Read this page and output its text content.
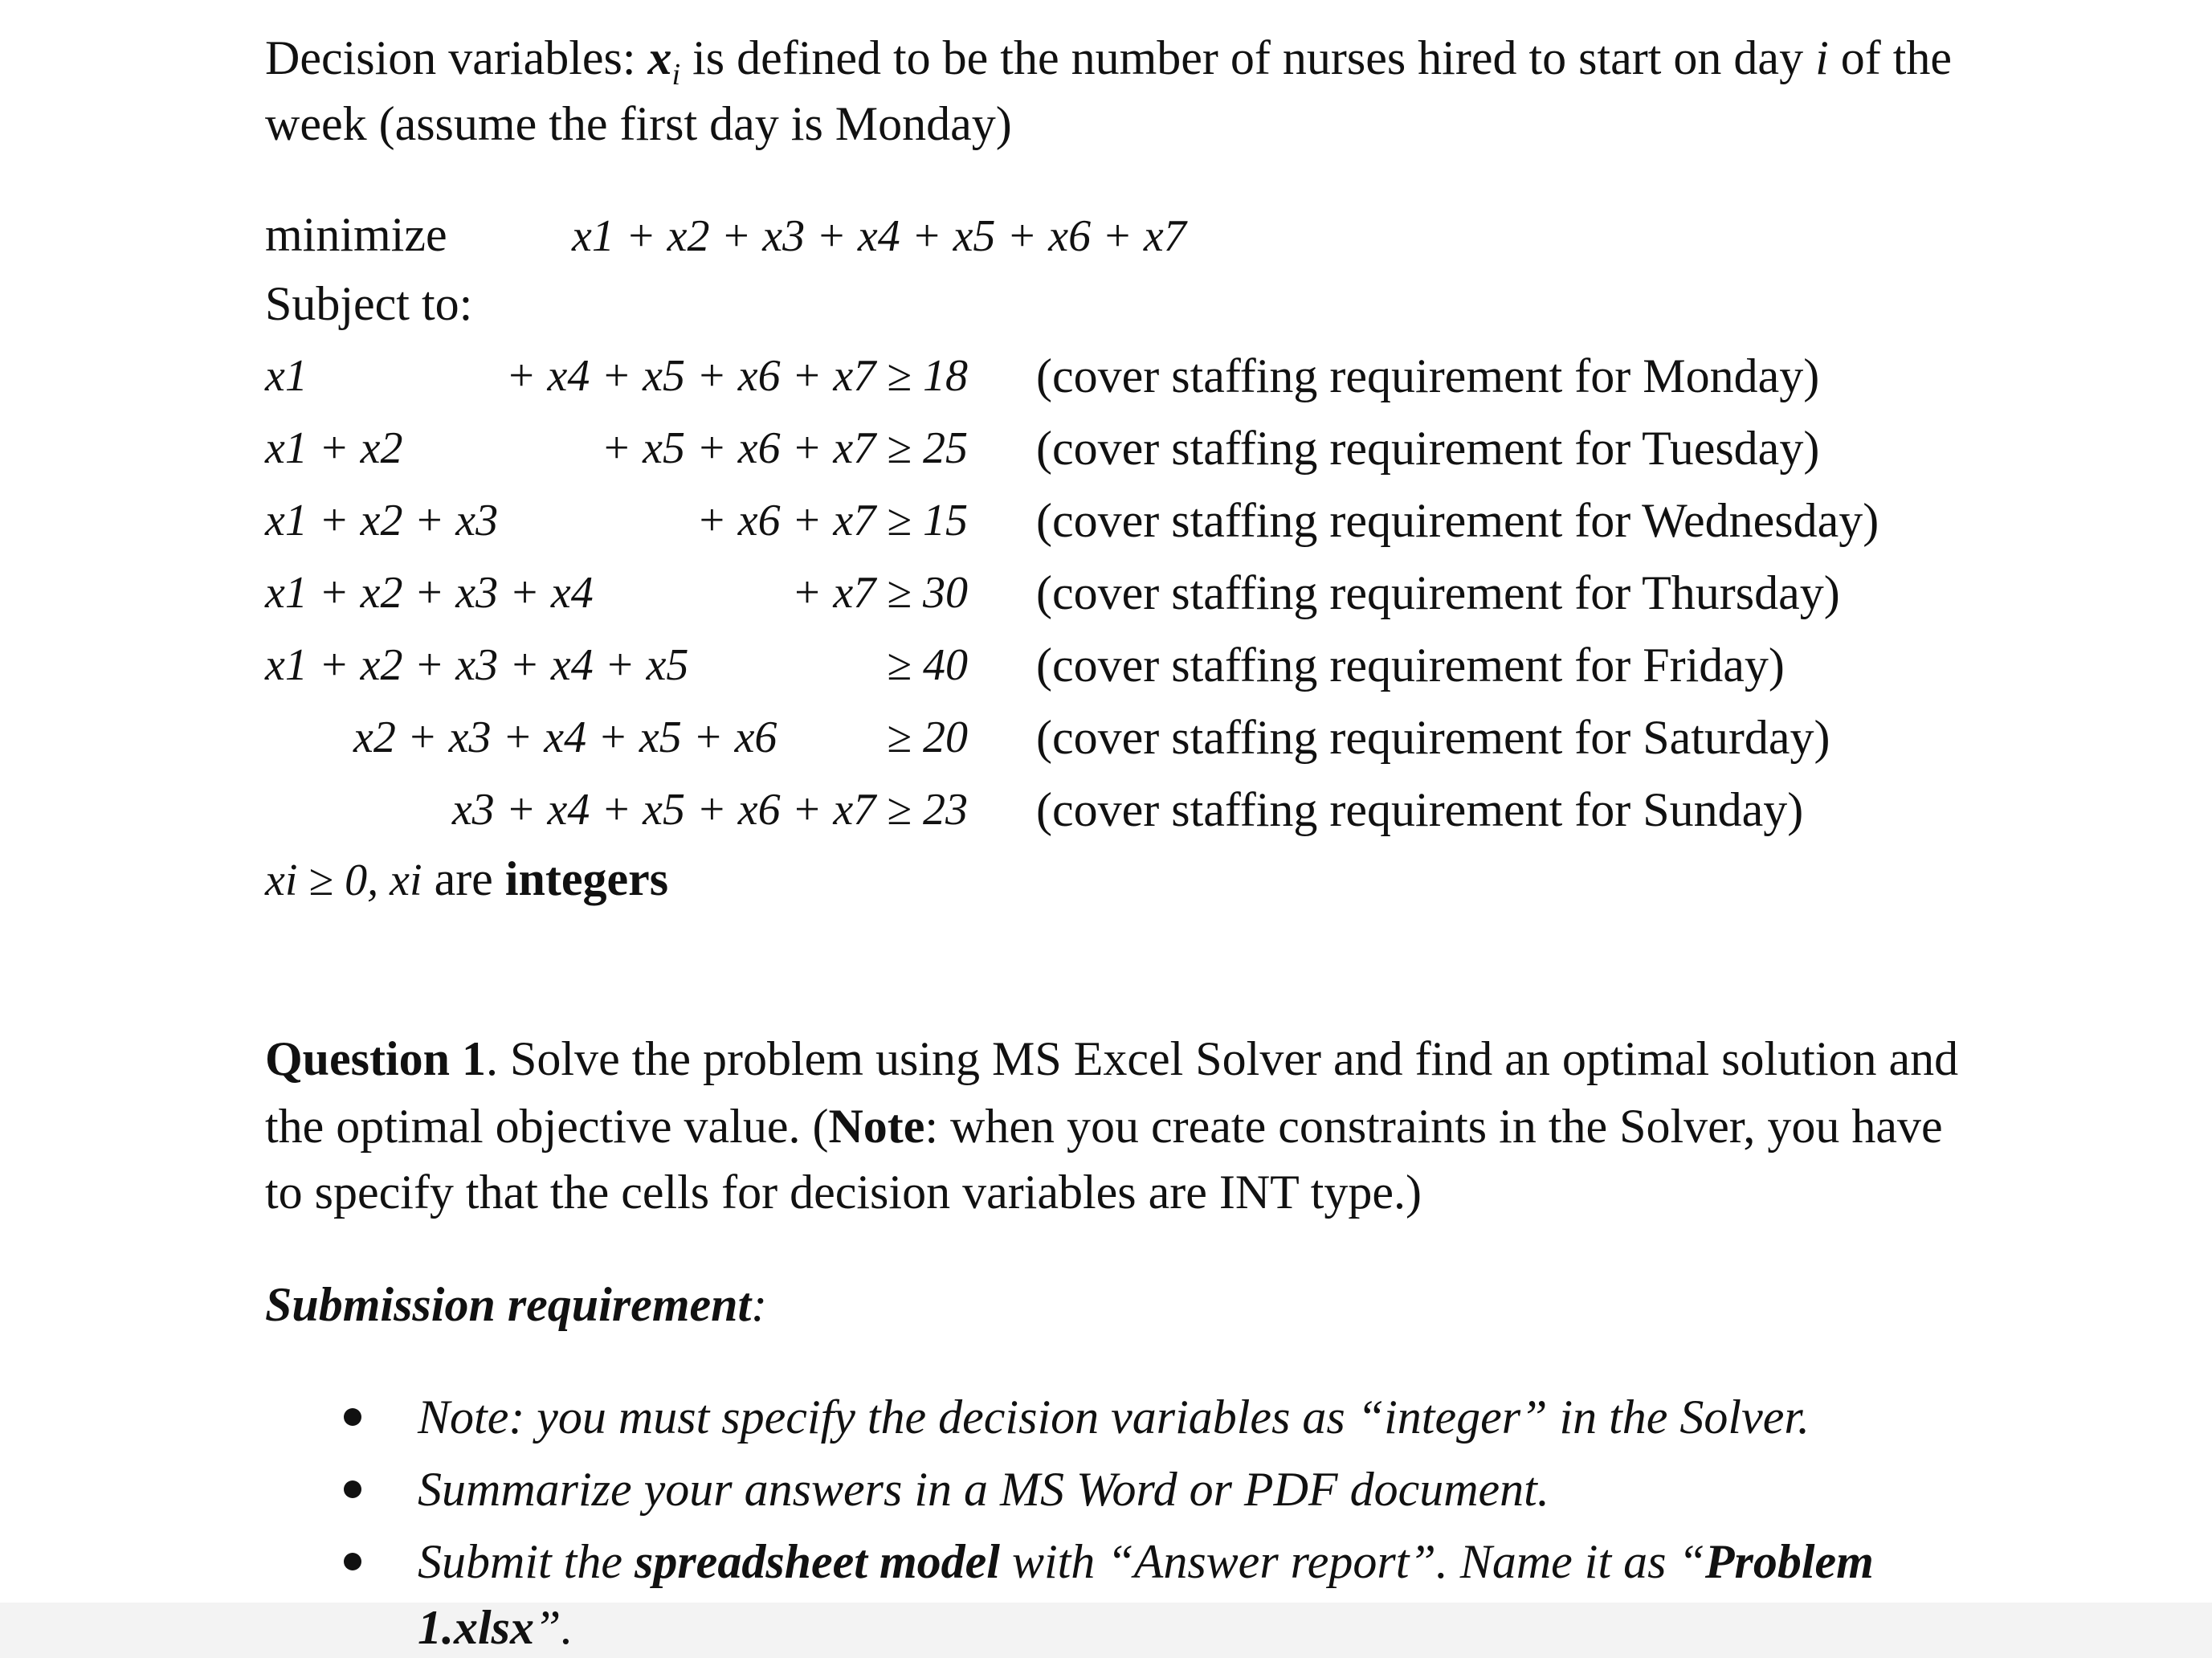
Decision variables: $x_i$ is defined to be the number of nurses hired to start on day i of the
week (assume the first day is Monday)
minimize	x1 + x2 + x3 + x4 + x5 + x6 + x7
Subject to:
x1	+ x4 + x5 + x6 + x7 ≥ 18 (cover staffing requirement for Monday)
x1 + x2	+ x5 + x6 + x7 ≥ 25 (cover staffing requirement for Tuesday)
x1 + x2 + x3	+ x6 + x7 ≥ 15 (cover staffing requirement for Wednesday)
x1 + x2 + x3 + x4	+ x7 ≥ 30 (cover staffing requirement for Thursday)
x1 + x2 + x3 + x4 + x5	≥ 40 (cover staffing requirement for Friday)
x2 + x3 + x4 + x5 + x6	≥ 20 (cover staffing requirement for Saturday)
x3 + x4 + x5 + x6 + x7 ≥ 23 (cover staffing requirement for Sunday)
xi ≥ 0, xi are integers
Question 1. Solve the problem using MS Excel Solver and find an optimal solution and
the optimal objective value. (Note: when you create constraints in the Solver, you have
to specify that the cells for decision variables are INT type.)
Submission requirement:
Note: you must specify the decision variables as “integer” in the Solver.
Summarize your answers in a MS Word or PDF document.
Submit the spreadsheet model with “Answer report”. Name it as “Problem
1.xlsx”.
